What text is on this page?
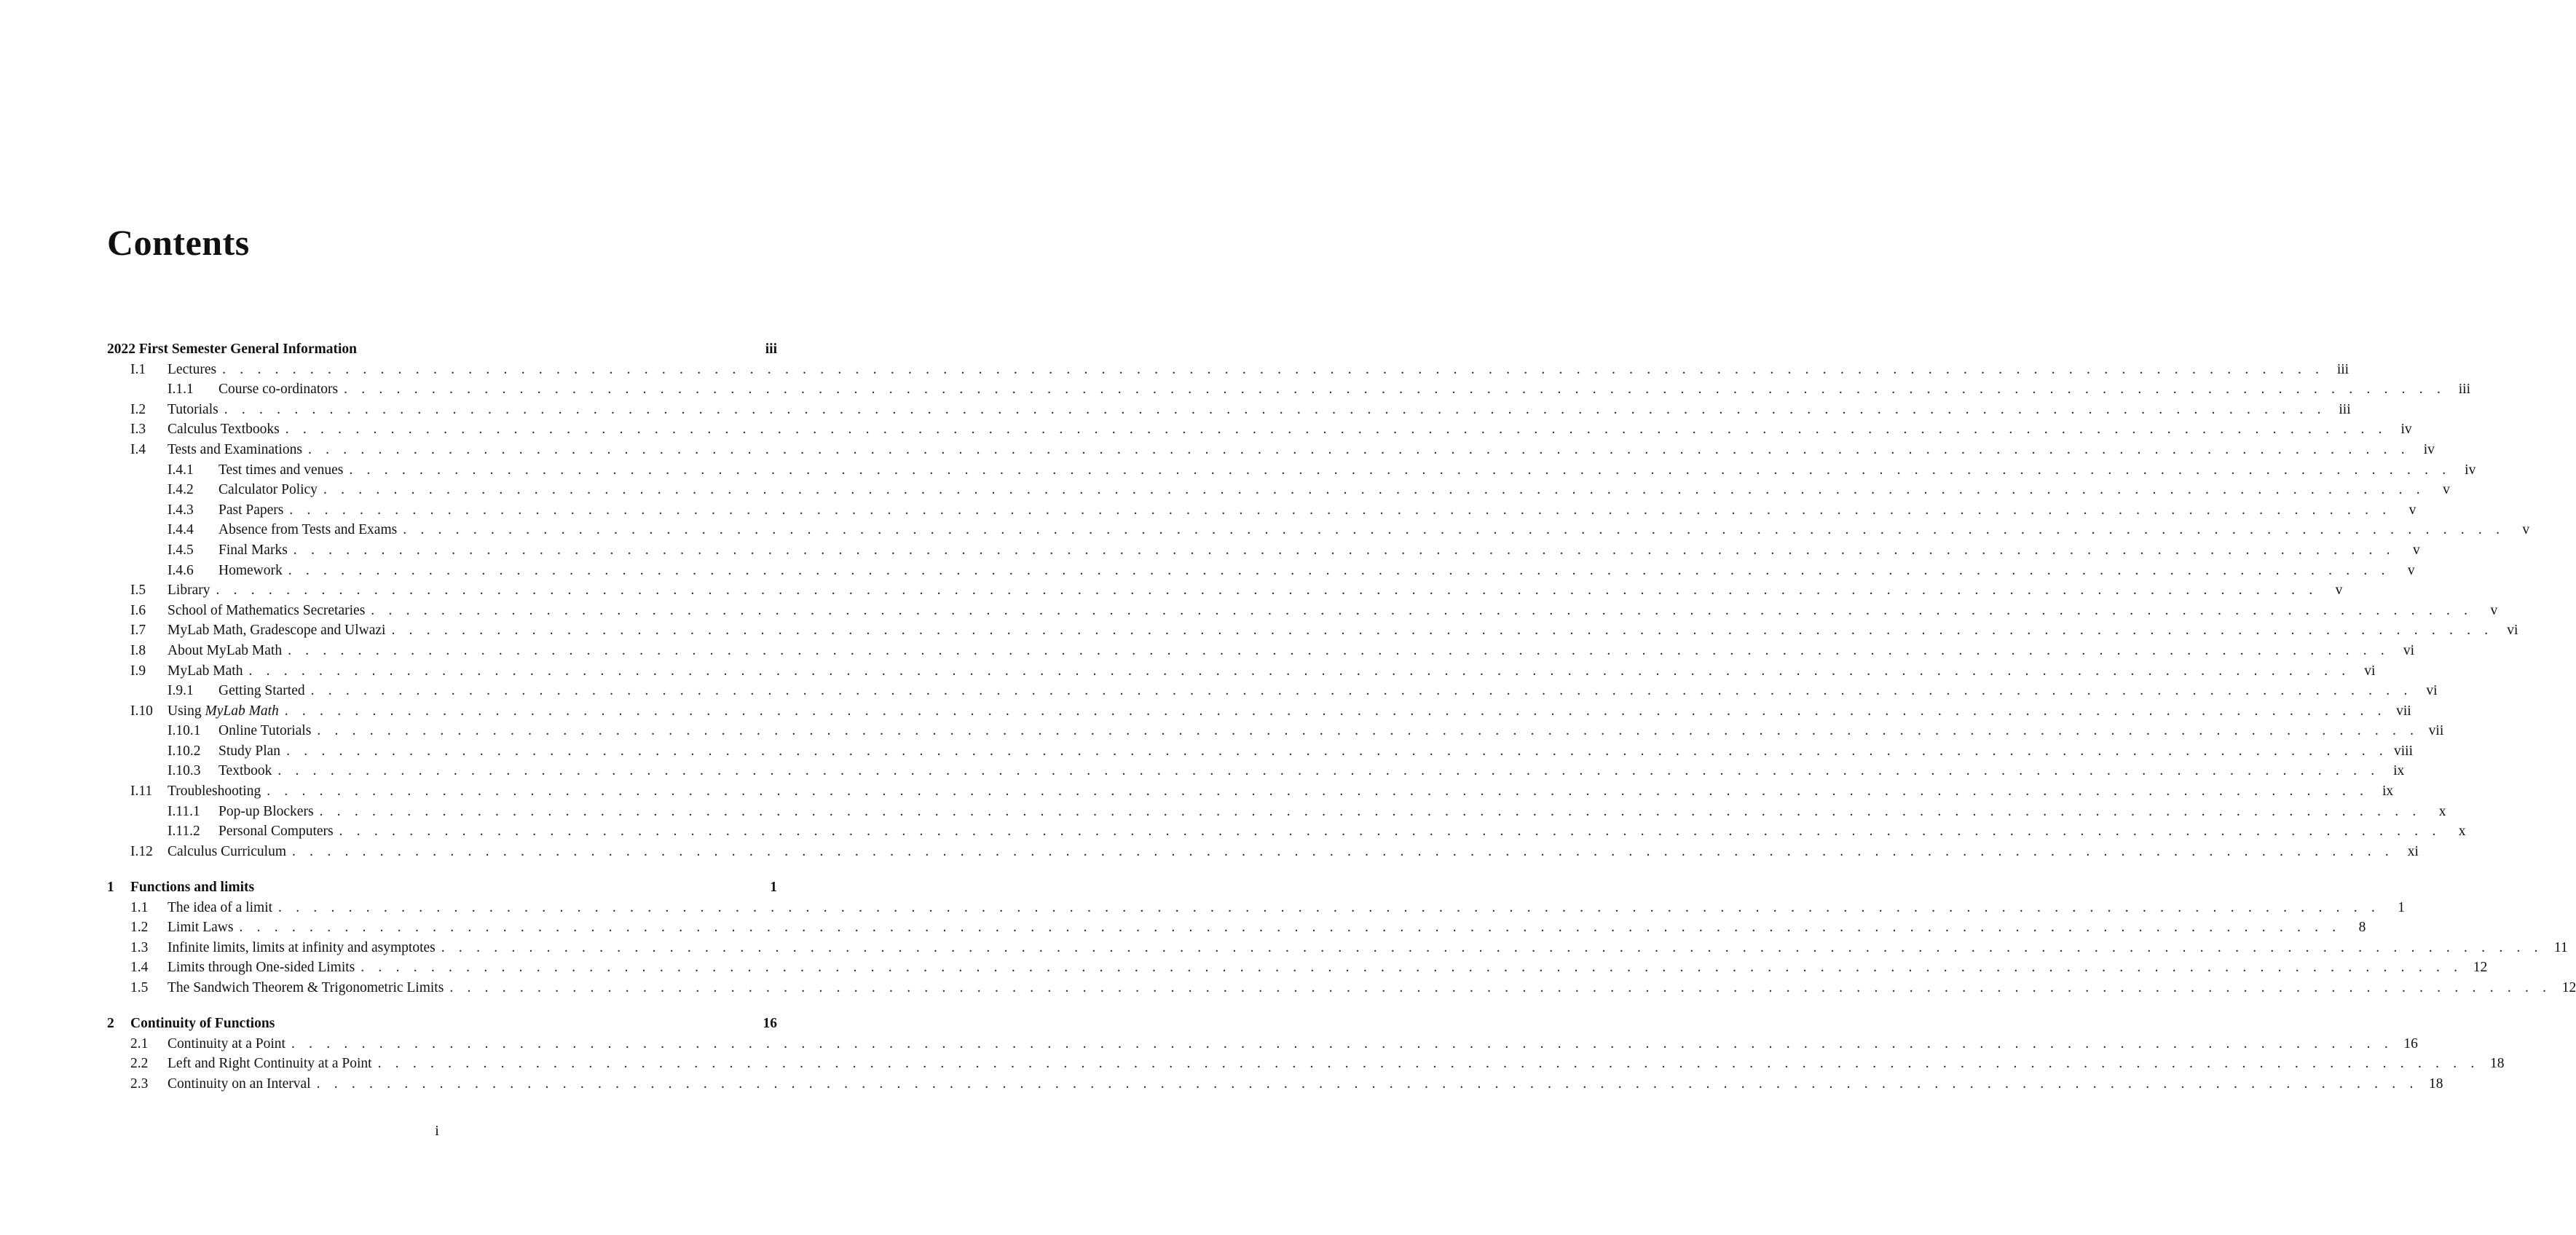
Contents
2022 First Semester General Information	iii
I.1	Lectures . . . . . . . . . . . . . . . . . . . . . . . . . . . . . . . . . . . . . . . . . . . . . . . . . . . . . . . . . . . . . . . . . . . . . . . . . . . . . . . . . . . . . . . . . . . . . . . . . . . . . . . . . . . . . . . . . . . . . . . . iii
I.1.1	Course co-ordinators . . . . . . . . . . . . . . . . . . . . . . . . . . . . . . . . . . . . . . . . . . . . . . . . . . . . . . . . . . . . . . . . . . . . . . . . . . . . . . . . . . . . . . . . . . . . . . . . . . . . . . . . . . . . . . . . . . . . . . . . iii
I.2	Tutorials . . . . . . . . . . . . . . . . . . . . . . . . . . . . . . . . . . . . . . . . . . . . . . . . . . . . . . . . . . . . . . . . . . . . . . . . . . . . . . . . . . . . . . . . . . . . . . . . . . . . . . . . . . . . . . . . . . . . . . . . iii
I.3	Calculus Textbooks . . . . . . . . . . . . . . . . . . . . . . . . . . . . . . . . . . . . . . . . . . . . . . . . . . . . . . . . . . . . . . . . . . . . . . . . . . . . . . . . . . . . . . . . . . . . . . . . . . . . . . . . . . . . . . . . . . . . . . . . iv
I.4	Tests and Examinations . . . . . . . . . . . . . . . . . . . . . . . . . . . . . . . . . . . . . . . . . . . . . . . . . . . . . . . . . . . . . . . . . . . . . . . . . . . . . . . . . . . . . . . . . . . . . . . . . . . . . . . . . . . . . . . . . . . . . . . . iv
I.4.1	Test times and venues . . . . . . . . . . . . . . . . . . . . . . . . . . . . . . . . . . . . . . . . . . . . . . . . . . . . . . . . . . . . . . . . . . . . . . . . . . . . . . . . . . . . . . . . . . . . . . . . . . . . . . . . . . . . . . . . . . . . . . . . iv
I.4.2	Calculator Policy . . . . . . . . . . . . . . . . . . . . . . . . . . . . . . . . . . . . . . . . . . . . . . . . . . . . . . . . . . . . . . . . . . . . . . . . . . . . . . . . . . . . . . . . . . . . . . . . . . . . . . . . . . . . . . . . . . . . . . . .	v
I.4.3	Past Papers . . . . . . . . . . . . . . . . . . . . . . . . . . . . . . . . . . . . . . . . . . . . . . . . . . . . . . . . . . . . . . . . . . . . . . . . . . . . . . . . . . . . . . . . . . . . . . . . . . . . . . . . . . . . . . . . . . . . . . . .	v
I.4.4	Absence from Tests and Exams . . . . . . . . . . . . . . . . . . . . . . . . . . . . . . . . . . . . . . . . . . . . . . . . . . . . . . . . . . . . . . . . . . . . . . . . . . . . . . . . . . . . . . . . . . . . . . . . . . . . . . . . . . . . . . . . . . . . . . . .	v
I.4.5	Final Marks . . . . . . . . . . . . . . . . . . . . . . . . . . . . . . . . . . . . . . . . . . . . . . . . . . . . . . . . . . . . . . . . . . . . . . . . . . . . . . . . . . . . . . . . . . . . . . . . . . . . . . . . . . . . . . . . . . . . . . . .	v
I.4.6	Homework . . . . . . . . . . . . . . . . . . . . . . . . . . . . . . . . . . . . . . . . . . . . . . . . . . . . . . . . . . . . . . . . . . . . . . . . . . . . . . . . . . . . . . . . . . . . . . . . . . . . . . . . . . . . . . . . . . . . . . . .	v
I.5	Library . . . . . . . . . . . . . . . . . . . . . . . . . . . . . . . . . . . . . . . . . . . . . . . . . . . . . . . . . . . . . . . . . . . . . . . . . . . . . . . . . . . . . . . . . . . . . . . . . . . . . . . . . . . . . . . . . . . . . . . .	v
I.6	School of Mathematics Secretaries . . . . . . . . . . . . . . . . . . . . . . . . . . . . . . . . . . . . . . . . . . . . . . . . . . . . . . . . . . . . . . . . . . . . . . . . . . . . . . . . . . . . . . . . . . . . . . . . . . . . . . . . . . . . . . . . . . . . . . . .	v
I.7	MyLab Math, Gradescope and Ulwazi . . . . . . . . . . . . . . . . . . . . . . . . . . . . . . . . . . . . . . . . . . . . . . . . . . . . . . . . . . . . . . . . . . . . . . . . . . . . . . . . . . . . . . . . . . . . . . . . . . . . . . . . . . . . . . . . . . . . . . . . vi
I.8	About MyLab Math . . . . . . . . . . . . . . . . . . . . . . . . . . . . . . . . . . . . . . . . . . . . . . . . . . . . . . . . . . . . . . . . . . . . . . . . . . . . . . . . . . . . . . . . . . . . . . . . . . . . . . . . . . . . . . . . . . . . . . . . vi
I.9	MyLab Math . . . . . . . . . . . . . . . . . . . . . . . . . . . . . . . . . . . . . . . . . . . . . . . . . . . . . . . . . . . . . . . . . . . . . . . . . . . . . . . . . . . . . . . . . . . . . . . . . . . . . . . . . . . . . . . . . . . . . . . . vi
I.9.1	Getting Started . . . . . . . . . . . . . . . . . . . . . . . . . . . . . . . . . . . . . . . . . . . . . . . . . . . . . . . . . . . . . . . . . . . . . . . . . . . . . . . . . . . . . . . . . . . . . . . . . . . . . . . . . . . . . . . . . . . . . . . . vi
I.10	Using MyLab Math . . . . . . . . . . . . . . . . . . . . . . . . . . . . . . . . . . . . . . . . . . . . . . . . . . . . . . . . . . . . . . . . . . . . . . . . . . . . . . . . . . . . . . . . . . . . . . . . . . . . . . . . . . . . . . . . . . . . . . . . vii
I.10.1	Online Tutorials . . . . . . . . . . . . . . . . . . . . . . . . . . . . . . . . . . . . . . . . . . . . . . . . . . . . . . . . . . . . . . . . . . . . . . . . . . . . . . . . . . . . . . . . . . . . . . . . . . . . . . . . . . . . . . . . . . . . . . . . vii
I.10.2	Study Plan . . . . . . . . . . . . . . . . . . . . . . . . . . . . . . . . . . . . . . . . . . . . . . . . . . . . . . . . . . . . . . . . . . . . . . . . . . . . . . . . . . . . . . . . . . . . . . . . . . . . . . . . . . . . . . . . . . . . . . . . viii
I.10.3	Textbook . . . . . . . . . . . . . . . . . . . . . . . . . . . . . . . . . . . . . . . . . . . . . . . . . . . . . . . . . . . . . . . . . . . . . . . . . . . . . . . . . . . . . . . . . . . . . . . . . . . . . . . . . . . . . . . . . . . . . . . . ix
I.11	Troubleshooting . . . . . . . . . . . . . . . . . . . . . . . . . . . . . . . . . . . . . . . . . . . . . . . . . . . . . . . . . . . . . . . . . . . . . . . . . . . . . . . . . . . . . . . . . . . . . . . . . . . . . . . . . . . . . . . . . . . . . . . . ix
I.11.1	Pop-up Blockers . . . . . . . . . . . . . . . . . . . . . . . . . . . . . . . . . . . . . . . . . . . . . . . . . . . . . . . . . . . . . . . . . . . . . . . . . . . . . . . . . . . . . . . . . . . . . . . . . . . . . . . . . . . . . . . . . . . . . . . .	x
I.11.2	Personal Computers . . . . . . . . . . . . . . . . . . . . . . . . . . . . . . . . . . . . . . . . . . . . . . . . . . . . . . . . . . . . . . . . . . . . . . . . . . . . . . . . . . . . . . . . . . . . . . . . . . . . . . . . . . . . . . . . . . . . . . . .	x
I.12	Calculus Curriculum . . . . . . . . . . . . . . . . . . . . . . . . . . . . . . . . . . . . . . . . . . . . . . . . . . . . . . . . . . . . . . . . . . . . . . . . . . . . . . . . . . . . . . . . . . . . . . . . . . . . . . . . . . . . . . . . . . . . . . . . xi
1	Functions and limits	1
1.1	The idea of a limit . . . . . . . . . . . . . . . . . . . . . . . . . . . . . . . . . . . . . . . . . . . . . . . . . . . . . . . . . . . . . . . . . . . . . . . . . . . . . . . . . . . . . . . . . . . . . . . . . . . . . . . . . . . . . . . . . . . . . . . .	1
1.2	Limit Laws . . . . . . . . . . . . . . . . . . . . . . . . . . . . . . . . . . . . . . . . . . . . . . . . . . . . . . . . . . . . . . . . . . . . . . . . . . . . . . . . . . . . . . . . . . . . . . . . . . . . . . . . . . . . . . . . . . . . . . . .	8
1.3	Infinite limits, limits at infinity and asymptotes . . . . . . . . . . . . . . . . . . . . . . . . . . . . . . . . . . . . . . . . . . . . . . . . . . . . . . . . . . . . . . . . . . . . . . . . . . . . . . . . . . . . . . . . . . . . . . . . . . . . . . . . . . . . . . . . . . . . . . . . 11
1.4	Limits through One-sided Limits . . . . . . . . . . . . . . . . . . . . . . . . . . . . . . . . . . . . . . . . . . . . . . . . . . . . . . . . . . . . . . . . . . . . . . . . . . . . . . . . . . . . . . . . . . . . . . . . . . . . . . . . . . . . . . . . . . . . . . . . 12
1.5	The Sandwich Theorem & Trigonometric Limits . . . . . . . . . . . . . . . . . . . . . . . . . . . . . . . . . . . . . . . . . . . . . . . . . . . . . . . . . . . . . . . . . . . . . . . . . . . . . . . . . . . . . . . . . . . . . . . . . . . . . . . . . . . . . . . . . . . . . . . . 12
2	Continuity of Functions	16
2.1	Continuity at a Point . . . . . . . . . . . . . . . . . . . . . . . . . . . . . . . . . . . . . . . . . . . . . . . . . . . . . . . . . . . . . . . . . . . . . . . . . . . . . . . . . . . . . . . . . . . . . . . . . . . . . . . . . . . . . . . . . . . . . . . . 16
2.2	Left and Right Continuity at a Point . . . . . . . . . . . . . . . . . . . . . . . . . . . . . . . . . . . . . . . . . . . . . . . . . . . . . . . . . . . . . . . . . . . . . . . . . . . . . . . . . . . . . . . . . . . . . . . . . . . . . . . . . . . . . . . . . . . . . . . . 18
2.3	Continuity on an Interval . . . . . . . . . . . . . . . . . . . . . . . . . . . . . . . . . . . . . . . . . . . . . . . . . . . . . . . . . . . . . . . . . . . . . . . . . . . . . . . . . . . . . . . . . . . . . . . . . . . . . . . . . . . . . . . . . . . . . . . . 18
i
